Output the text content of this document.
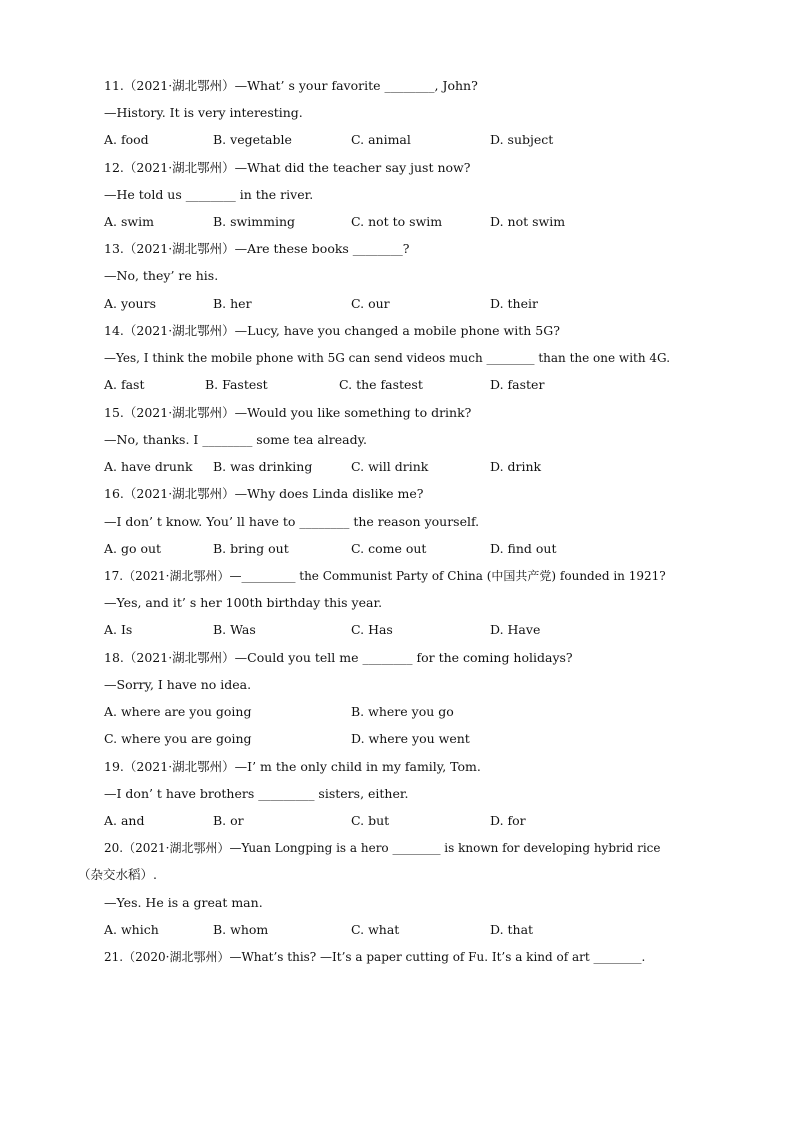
11.（2021·湖北鄂州）—What’ s your favorite ________, John?
—History. It is very interesting.
A. food	B. vegetable	C. animal	D. subject
12.（2021·湖北鄂州）—What did the teacher say just now?
—He told us ________ in the river.
A. swim	B. swimming	C. not to swim	D. not swim
13.（2021·湖北鄂州）—Are these books ________?
—No, they’ re his.
A. yours	B. her	C. our	D. their
14.（2021·湖北鄂州）—Lucy, have you changed a mobile phone with 5G?
—Yes, I think the mobile phone with 5G can send videos much ________ than the one with 4G.
A. fast	B. Fastest	C. the fastest	D. faster
15.（2021·湖北鄂州）—Would you like something to drink?
—No, thanks. I ________ some tea already.
A. have drunk B. was drinking	C. will drink	D. drink
16.（2021·湖北鄂州）—Why does Linda dislike me?
—I don’ t know. You’ ll have to ________ the reason yourself.
A. go out	B. bring out	C. come out	D. find out
17.（2021·湖北鄂州）—_________ the Communist Party of China (中国共产党) founded in 1921?
—Yes, and it’ s her 100th birthday this year.
A. Is	B. Was	C. Has	D. Have
18.（2021·湖北鄂州）—Could you tell me ________ for the coming holidays?
—Sorry, I have no idea.
A. where are you going	B. where you go
C. where you are going	D. where you went
19.（2021·湖北鄂州）—I’ m the only child in my family, Tom.
—I don’ t have brothers _________ sisters, either.
A. and	B. or	C. but	D. for
20.（2021·湖北鄂州）—Yuan Longping is a hero ________ is known for developing hybrid rice
（杂交水稻）.
—Yes. He is a great man.
A. which	B. whom	C. what	D. that
21.（2020·湖北鄂州）—What’s this? —It’s a paper cutting of Fu. It’s a kind of art ________.
